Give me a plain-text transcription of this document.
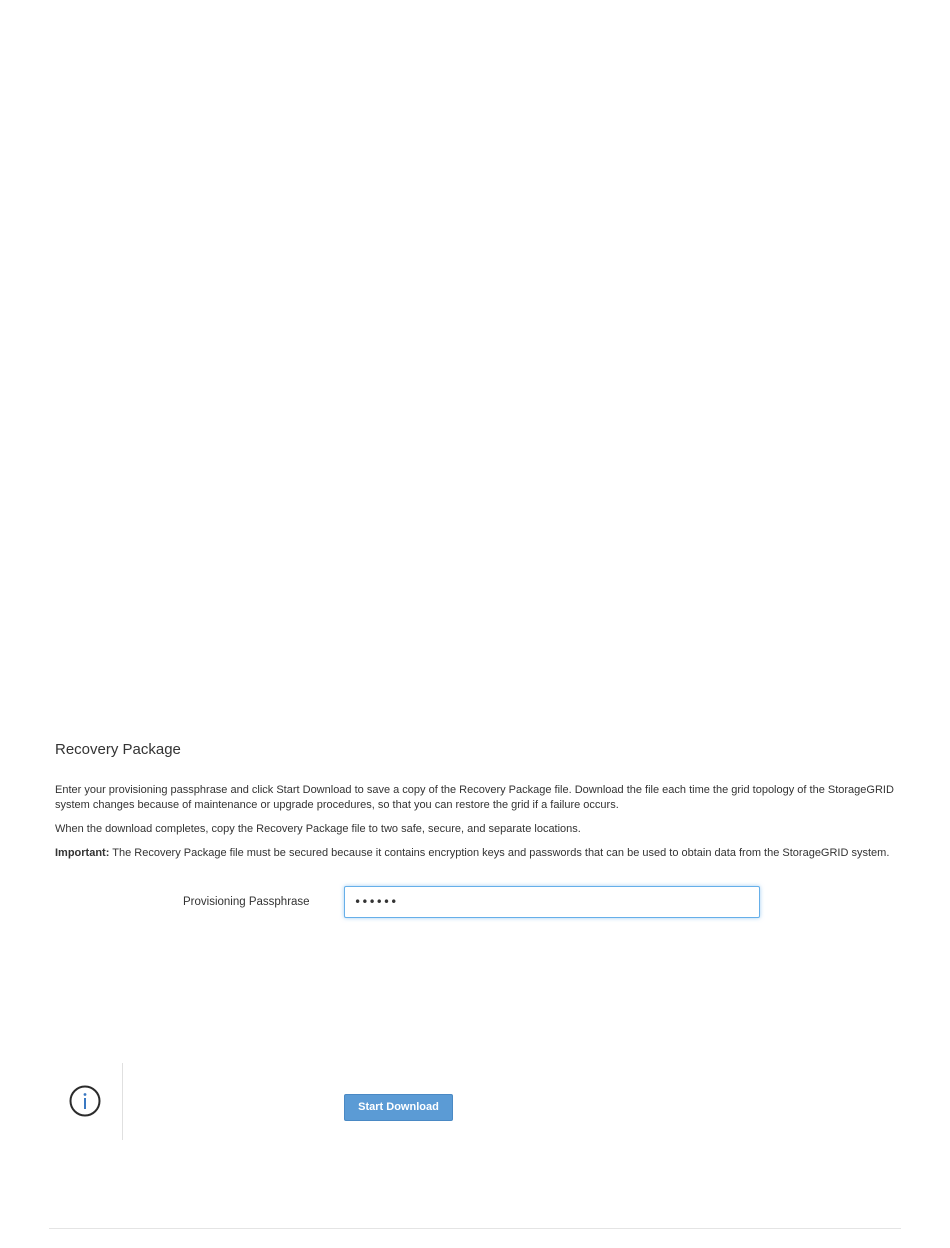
Recovery Package

Enter your provisioning passphrase and click Start Download to save a copy of the Recovery Package file. Download the file each time the grid topology of the StorageGRID system changes because of maintenance or upgrade procedures, so that you can restore the grid if a failure occurs.

When the download completes, copy the Recovery Package file to two safe, secure, and separate locations.

Important: The Recovery Package file must be secured because it contains encryption keys and passwords that can be used to obtain data from the StorageGRID system.

Provisioning Passphrase
••••••
Start Download
